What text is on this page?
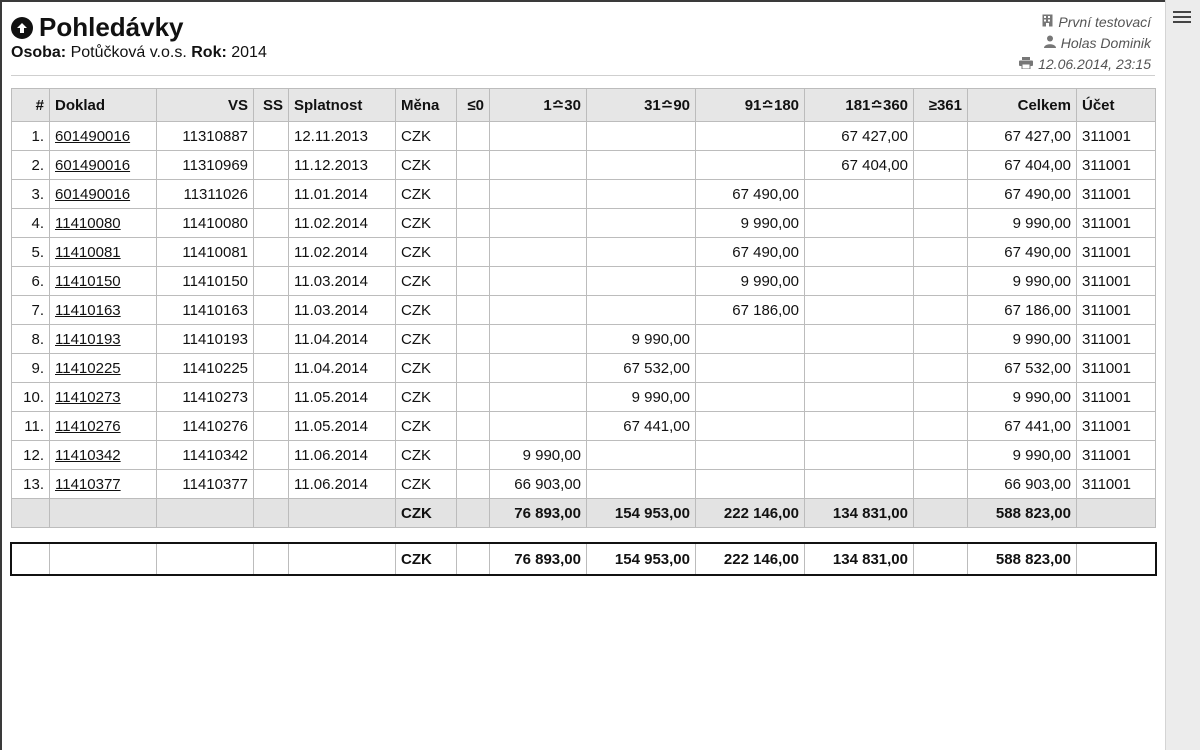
Pohledávky
Osoba: Potůčková v.o.s. Rok: 2014
První testovací
Holas Dominik
12.06.2014, 23:15
#	Doklad	VS	SS	Splatnost	Měna	≤0	1≏30	31≏90	91≏180	181≏360	≥361	Celkem	Účet
1.	601490016	11310887		12.11.2013	CZK					67 427,00		67 427,00	311001
2.	601490016	11310969		11.12.2013	CZK					67 404,00		67 404,00	311001
3.	601490016	11311026		11.01.2014	CZK				67 490,00			67 490,00	311001
4.	11410080	11410080		11.02.2014	CZK				9 990,00			9 990,00	311001
5.	11410081	11410081		11.02.2014	CZK				67 490,00			67 490,00	311001
6.	11410150	11410150		11.03.2014	CZK				9 990,00			9 990,00	311001
7.	11410163	11410163		11.03.2014	CZK				67 186,00			67 186,00	311001
8.	11410193	11410193		11.04.2014	CZK			9 990,00				9 990,00	311001
9.	11410225	11410225		11.04.2014	CZK			67 532,00				67 532,00	311001
10.	11410273	11410273		11.05.2014	CZK			9 990,00				9 990,00	311001
11.	11410276	11410276		11.05.2014	CZK			67 441,00				67 441,00	311001
12.	11410342	11410342		11.06.2014	CZK		9 990,00					9 990,00	311001
13.	11410377	11410377		11.06.2014	CZK		66 903,00					66 903,00	311001
					CZK		76 893,00	154 953,00	222 146,00	134 831,00		588 823,00	
					CZK		76 893,00	154 953,00	222 146,00	134 831,00		588 823,00	
